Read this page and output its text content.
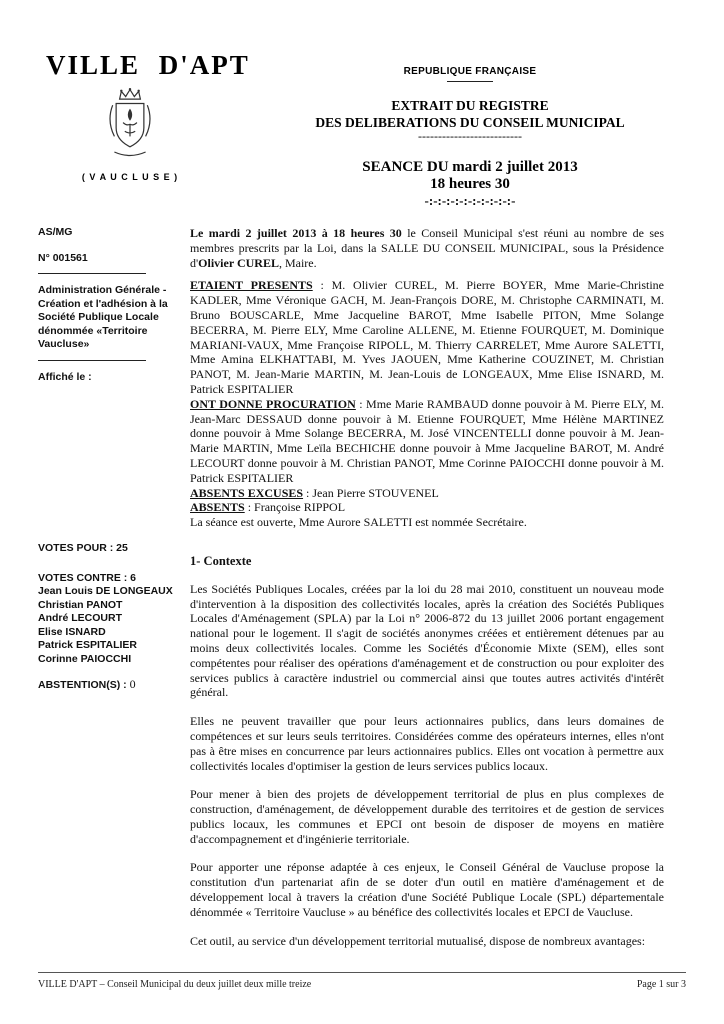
VILLE D'APT
( V A U C L U S E )
REPUBLIQUE FRANÇAISE
EXTRAIT DU REGISTRE
DES DELIBERATIONS DU CONSEIL MUNICIPAL
--------------------------
SEANCE DU mardi 2 juillet 2013
18 heures 30
-:-:-:-:-:-:-:-:-:-:-
AS/MG
N° 001561
Administration Générale - Création et l'adhésion à la Société Publique Locale dénommée «Territoire Vaucluse»
Affiché le :
VOTES POUR : 25
VOTES CONTRE : 6
Jean Louis DE LONGEAUX
Christian PANOT
André LECOURT
Elise ISNARD
Patrick ESPITALIER
Corinne PAIOCCHI
ABSTENTION(S) : 0

Le mardi 2 juillet 2013 à 18 heures 30 le Conseil Municipal s'est réuni au nombre de ses membres prescrits par la Loi, dans la SALLE DU CONSEIL MUNICIPAL, sous la Présidence d'Olivier CUREL, Maire.

ETAIENT PRESENTS : M. Olivier CUREL, M. Pierre BOYER, Mme Marie-Christine KADLER, Mme Véronique GACH, M. Jean-François DORE, M. Christophe CARMINATI, M. Bruno BOUSCARLE, Mme Jacqueline BAROT, Mme Isabelle PITON, Mme Solange BECERRA, M. Pierre ELY, Mme Caroline ALLENE, M. Etienne FOURQUET, M. Dominique MARIANI-VAUX, Mme Françoise RIPOLL, M. Thierry CARRELET, Mme Aurore SALETTI, Mme Amina ELKHATTABI, M. Yves JAOUEN, Mme Katherine COUZINET, M. Christian PANOT, M. Jean-Marie MARTIN, M. Jean-Louis de LONGEAUX, Mme Elise ISNARD, M. Patrick ESPITALIER

ONT DONNE PROCURATION : Mme Marie RAMBAUD donne pouvoir à M. Pierre ELY, M. Jean-Marc DESSAUD donne pouvoir à M. Etienne FOURQUET, Mme Hélène MARTINEZ donne pouvoir à Mme Solange BECERRA, M. José VINCENTELLI donne pouvoir à M. Jean-Marie MARTIN, Mme Leïla BECHICHE donne pouvoir à Mme Jacqueline BAROT, M. André LECOURT donne pouvoir à M. Christian PANOT, Mme Corinne PAIOCCHI donne pouvoir à M. Patrick ESPITALIER

ABSENTS EXCUSES : Jean Pierre STOUVENEL

ABSENTS : Françoise RIPPOL

La séance est ouverte, Mme Aurore SALETTI est nommée Secrétaire.

1- Contexte

Les Sociétés Publiques Locales, créées par la loi du 28 mai 2010, constituent un nouveau mode d'intervention à la disposition des collectivités locales, après la création des Sociétés Publiques Locales d'Aménagement (SPLA) par la Loi n° 2006-872 du 13 juillet 2006 portant engagement national pour le logement. Il s'agit de sociétés anonymes créées et entièrement détenues par au moins deux collectivités locales. Comme les Sociétés d'Économie Mixte (SEM), elles sont compétentes pour réaliser des opérations d'aménagement et de construction ou pour exploiter des services publics à caractère industriel ou commercial ainsi que toutes autres activités d'intérêt général.

Elles ne peuvent travailler que pour leurs actionnaires publics, dans leurs domaines de compétences et sur leurs seuls territoires. Considérées comme des opérateurs internes, elles n'ont pas à être mises en concurrence par leurs actionnaires publics. Elles ont vocation à permettre aux collectivités locales d'optimiser la gestion de leurs services publics locaux.

Pour mener à bien des projets de développement territorial de plus en plus complexes de construction, d'aménagement, de développement durable des territoires et de gestion de services publics locaux, les communes et EPCI ont besoin de disposer de moyens en matière d'accompagnement et d'ingénierie territoriale.

Pour apporter une réponse adaptée à ces enjeux, le Conseil Général de Vaucluse propose la constitution d'un partenariat afin de se doter d'un outil en matière d'aménagement et de développement local à travers la création d'une Société Publique Locale (SPL) départementale dénommée « Territoire Vaucluse » au bénéfice des collectivités locales et EPCI de Vaucluse.

Cet outil, au service d'un développement territorial mutualisé, dispose de nombreux avantages:

VILLE D'APT – Conseil Municipal du deux juillet deux mille treize	Page 1 sur 3
